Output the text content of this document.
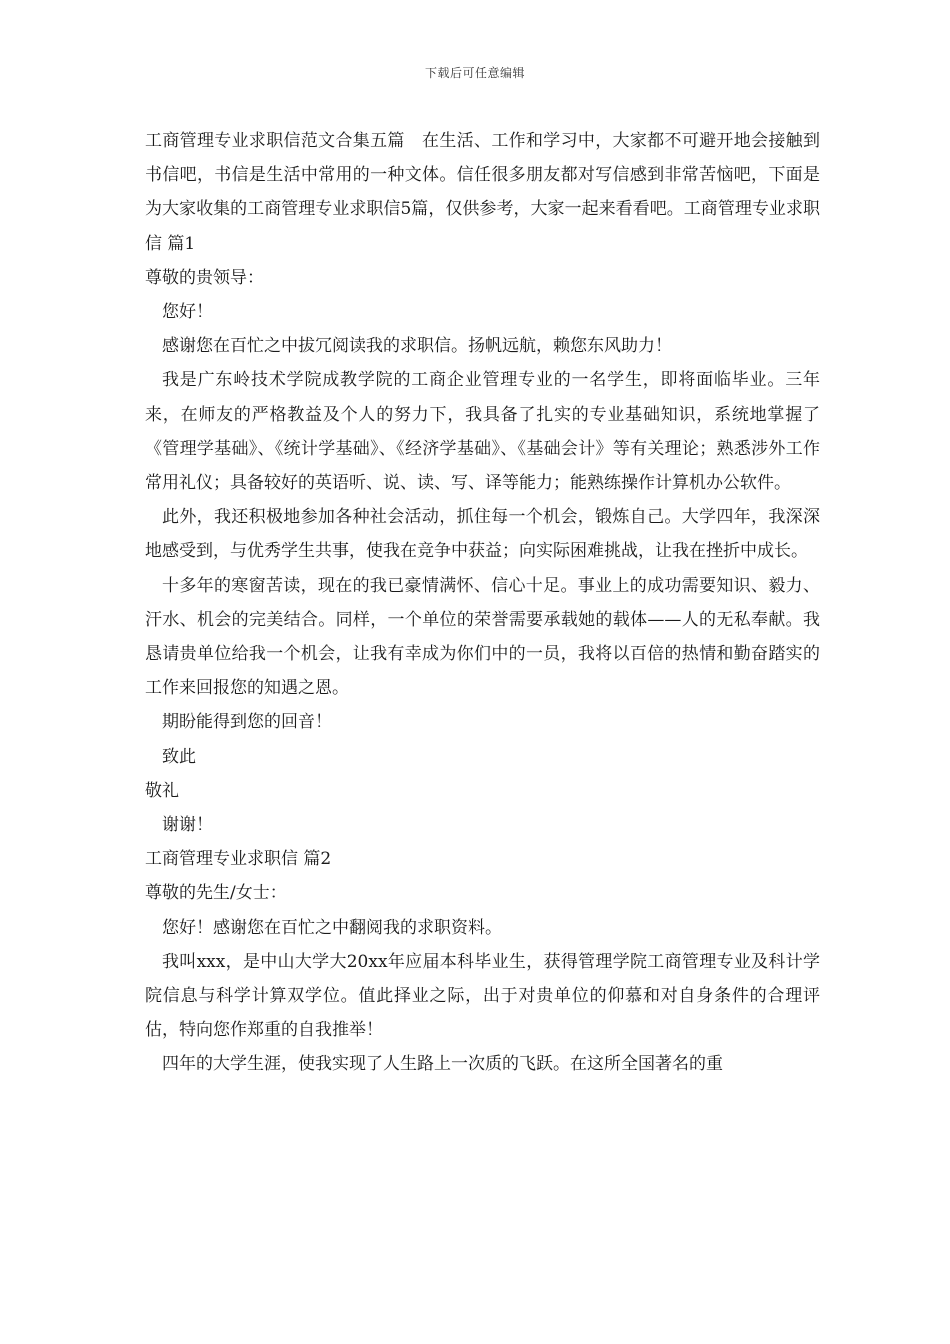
下载后可任意编辑

工商管理专业求职信范文合集五篇　在生活、工作和学习中，大家都不可避开地会接触到书信吧，书信是生活中常用的一种文体。信任很多朋友都对写信感到非常苦恼吧，下面是为大家收集的工商管理专业求职信5篇，仅供参考，大家一起来看看吧。工商管理专业求职信 篇1

尊敬的贵领导：

您好！

感谢您在百忙之中拔冗阅读我的求职信。扬帆远航，赖您东风助力！

我是广东岭技术学院成教学院的工商企业管理专业的一名学生，即将面临毕业。三年来，在师友的严格教益及个人的努力下，我具备了扎实的专业基础知识，系统地掌握了《管理学基础》、《统计学基础》、《经济学基础》、《基础会计》等有关理论；熟悉涉外工作常用礼仪；具备较好的英语听、说、读、写、译等能力；能熟练操作计算机办公软件。

此外，我还积极地参加各种社会活动，抓住每一个机会，锻炼自己。大学四年，我深深地感受到，与优秀学生共事，使我在竞争中获益；向实际困难挑战，让我在挫折中成长。

十多年的寒窗苦读，现在的我已豪情满怀、信心十足。事业上的成功需要知识、毅力、汗水、机会的完美结合。同样，一个单位的荣誉需要承载她的载体——人的无私奉献。我恳请贵单位给我一个机会，让我有幸成为你们中的一员，我将以百倍的热情和勤奋踏实的工作来回报您的知遇之恩。

期盼能得到您的回音！

致此

敬礼

谢谢！

工商管理专业求职信 篇2

尊敬的先生/女士：

您好！感谢您在百忙之中翻阅我的求职资料。

我叫xxx，是中山大学大20xx年应届本科毕业生，获得管理学院工商管理专业及科计学院信息与科学计算双学位。值此择业之际，出于对贵单位的仰慕和对自身条件的合理评估，特向您作郑重的自我推举！

四年的大学生涯，使我实现了人生路上一次质的飞跃。在这所全国著名的重
